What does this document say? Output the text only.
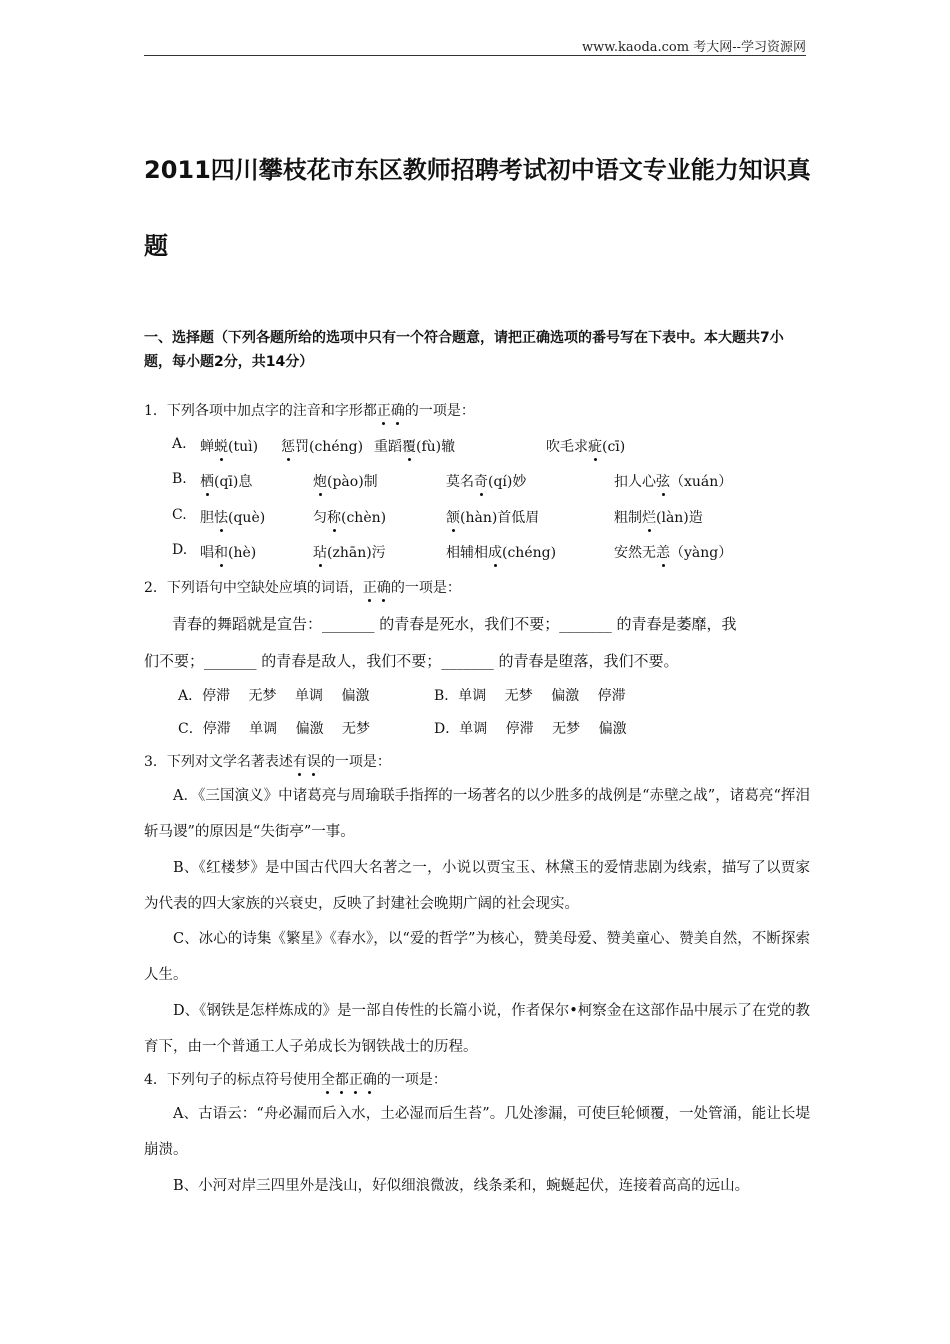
www.kaoda.com 考大网--学习资源网
2011四川攀枝花市东区教师招聘考试初中语文专业能力知识真题
一、选择题（下列各题所给的选项中只有一个符合题意，请把正确选项的番号写在下表中。本大题共7小题，每小题2分，共14分）
1．下列各项中加点字的注音和字形都正确的一项是：
A. 蝉蜕(tuì) 惩罚(chéng) 重蹈覆(fù)辙	吹毛求疵(cī)
B. 栖(qī)息	炮(pào)制	莫名奇(qí)妙	扣人心弦（xuán）
C. 胆怯(què)	匀称(chèn)	颔(hàn)首低眉	粗制烂(làn)造
D. 唱和(hè)	玷(zhān)污	相辅相成(chéng)	安然无恙（yàng）
2．下列语句中空缺处应填的词语，正确的一项是：
青春的舞蹈就是宣告：_______ 的青春是死水，我们不要；_______ 的青春是萎靡，我
们不要；_______ 的青春是敌人，我们不要；_______ 的青春是堕落，我们不要。
A．停滞　 无梦　 单调　 偏激	B．单调　 无梦　 偏激　 停滞
C．停滞　 单调　 偏激　 无梦	D．单调　 停滞　 无梦　 偏激
3．下列对文学名著表述有误的一项是：
A．《三国演义》中诸葛亮与周瑜联手指挥的一场著名的以少胜多的战例是“赤壁之战”，诸葛亮“挥泪斩马谡”的原因是“失街亭”一事。
B、《红楼梦》是中国古代四大名著之一，小说以贾宝玉、林黛玉的爱情悲剧为线索，描写了以贾家为代表的四大家族的兴衰史，反映了封建社会晚期广阔的社会现实。
C、冰心的诗集《繁星》《春水》，以“爱的哲学”为核心，赞美母爱、赞美童心、赞美自然，不断探索人生。
D、《钢铁是怎样炼成的》是一部自传性的长篇小说，作者保尔•柯察金在这部作品中展示了在党的教育下，由一个普通工人子弟成长为钢铁战士的历程。
4．下列句子的标点符号使用全都正确的一项是：
A、古语云：“舟必漏而后入水，土必湿而后生苔”。几处渗漏，可使巨轮倾覆，一处管涌，能让长堤崩溃。
B、小河对岸三四里外是浅山，好似细浪微波，线条柔和，蜿蜒起伏，连接着高高的远山。
